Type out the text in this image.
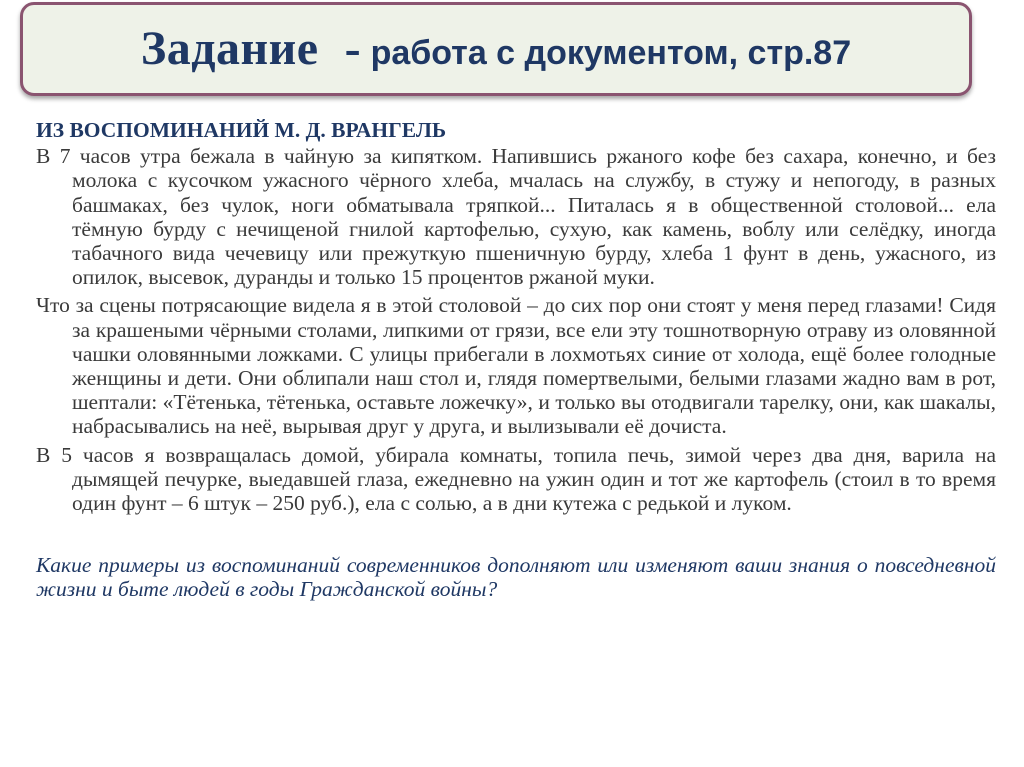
Задание - работа с документом, стр.87
ИЗ ВОСПОМИНАНИЙ М. Д. ВРАНГЕЛЬ

В 7 часов утра бежала в чайную за кипятком. Напившись ржаного кофе без сахара, конечно, и без молока с кусочком ужасного чёрного хлеба, мчалась на службу, в стужу и непогоду, в разных башмаках, без чулок, ноги обматывала тряпкой... Питалась я в общественной столовой... ела тёмную бурду с нечищеной гнилой картофелью, сухую, как камень, воблу или селёдку, иногда табачного вида чечевицу или прежуткую пшеничную бурду, хлеба 1 фунт в день, ужасного, из опилок, высевок, дуранды и только 15 процентов ржаной муки.

Что за сцены потрясающие видела я в этой столовой – до сих пор они стоят у меня перед глазами! Сидя за крашеными чёрными столами, липкими от грязи, все ели эту тошнотворную отраву из оловянной чашки оловянными ложками. С улицы прибегали в лохмотьях синие от холода, ещё более голодные женщины и дети. Они облипали наш стол и, глядя помертвелыми, белыми глазами жадно вам в рот, шептали: «Тётенька, тётенька, оставьте ложечку», и только вы отодвигали тарелку, они, как шакалы, набрасывались на неё, вырывая друг у друга, и вылизывали её дочиста.

В 5 часов я возвращалась домой, убирала комнаты, топила печь, зимой через два дня, варила на дымящей печурке, выедавшей глаза, ежедневно на ужин один и тот же картофель (стоил в то время один фунт – 6 штук – 250 руб.), ела с солью, а в дни кутежа с редькой и луком.

Какие примеры из воспоминаний современников дополняют или изменяют ваши знания о повседневной жизни и быте людей в годы Гражданской войны?
